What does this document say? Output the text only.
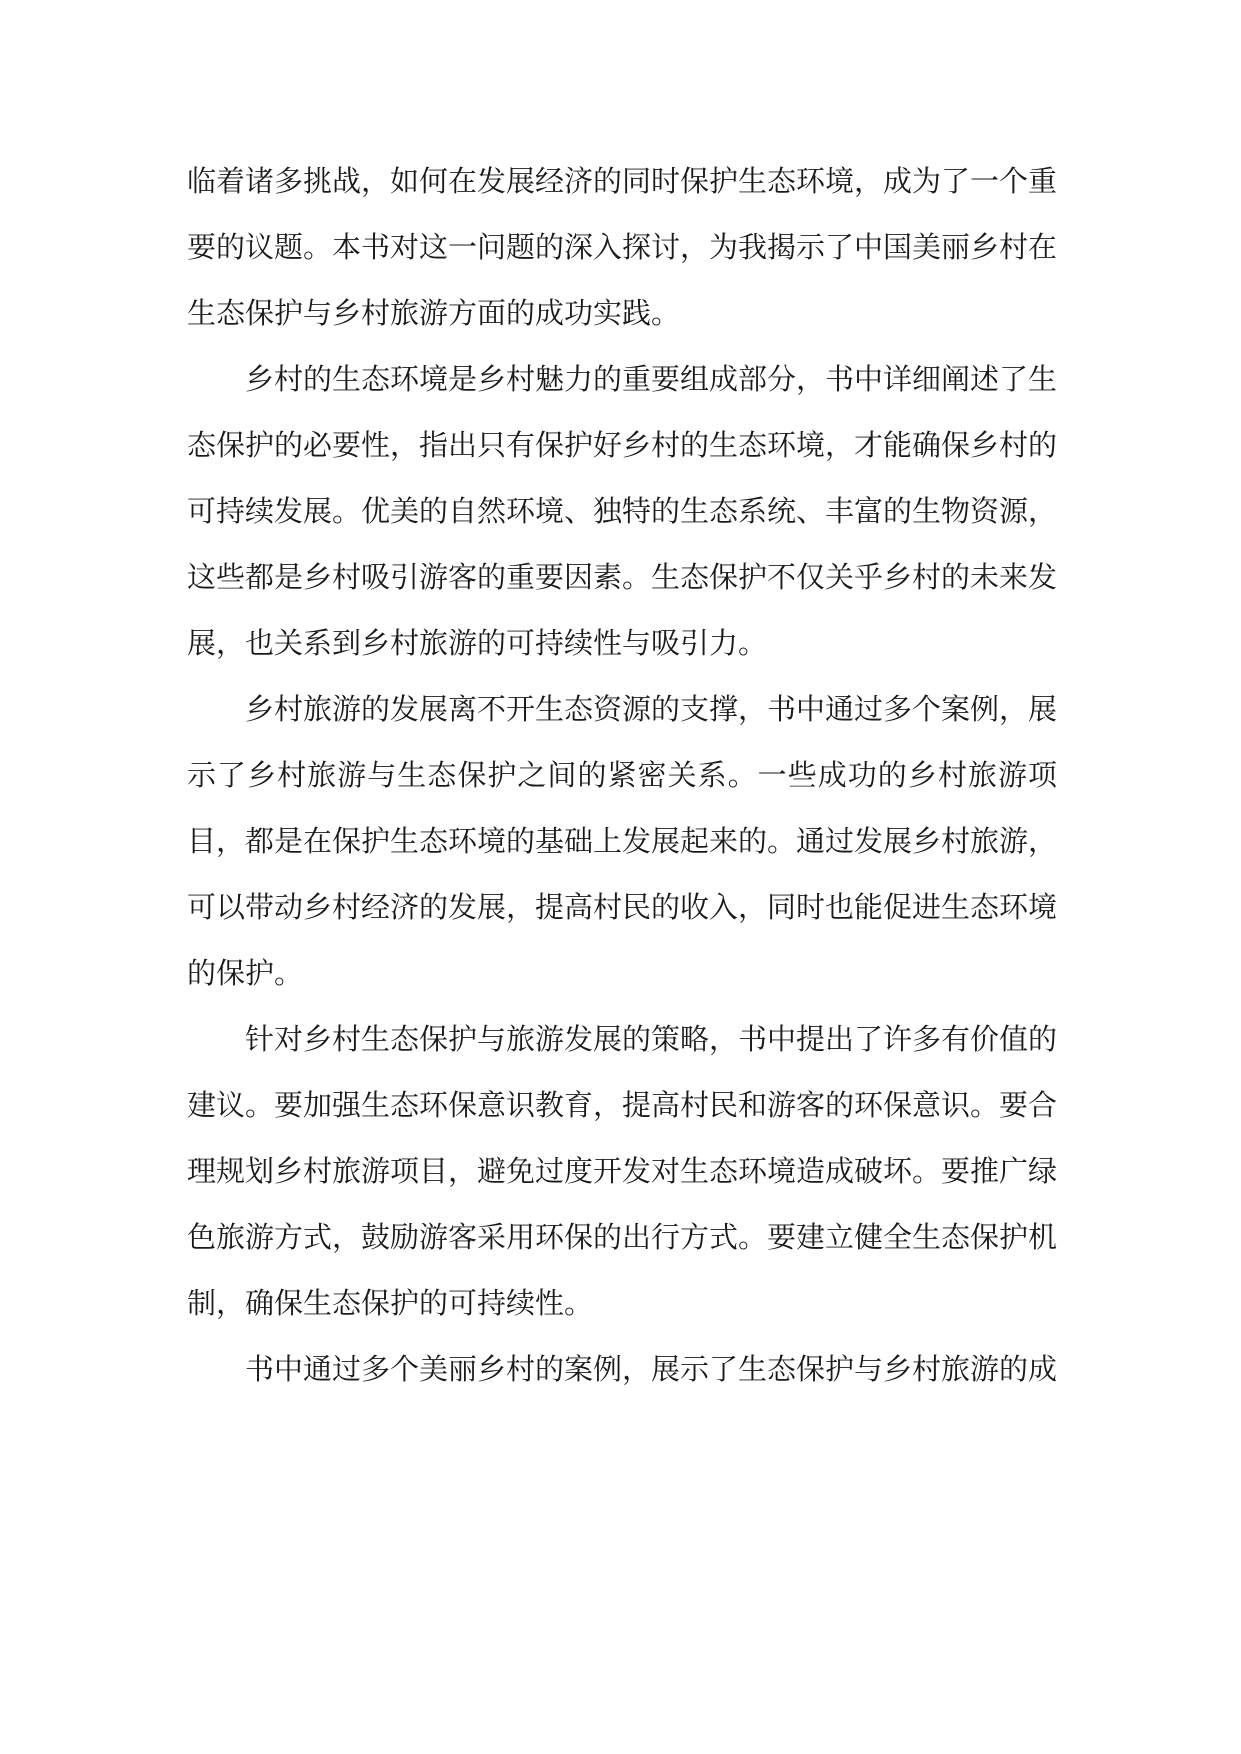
临着诸多挑战，如何在发展经济的同时保护生态环境，成为了一个重要的议题。本书对这一问题的深入探讨，为我揭示了中国美丽乡村在生态保护与乡村旅游方面的成功实践。

乡村的生态环境是乡村魅力的重要组成部分，书中详细阐述了生态保护的必要性，指出只有保护好乡村的生态环境，才能确保乡村的可持续发展。优美的自然环境、独特的生态系统、丰富的生物资源，这些都是乡村吸引游客的重要因素。生态保护不仅关乎乡村的未来发展，也关系到乡村旅游的可持续性与吸引力。

乡村旅游的发展离不开生态资源的支撑，书中通过多个案例，展示了乡村旅游与生态保护之间的紧密关系。一些成功的乡村旅游项目，都是在保护生态环境的基础上发展起来的。通过发展乡村旅游，可以带动乡村经济的发展，提高村民的收入，同时也能促进生态环境的保护。

针对乡村生态保护与旅游发展的策略，书中提出了许多有价值的建议。要加强生态环保意识教育，提高村民和游客的环保意识。要合理规划乡村旅游项目，避免过度开发对生态环境造成破坏。要推广绿色旅游方式，鼓励游客采用环保的出行方式。要建立健全生态保护机制，确保生态保护的可持续性。

书中通过多个美丽乡村的案例，展示了生态保护与乡村旅游的成
